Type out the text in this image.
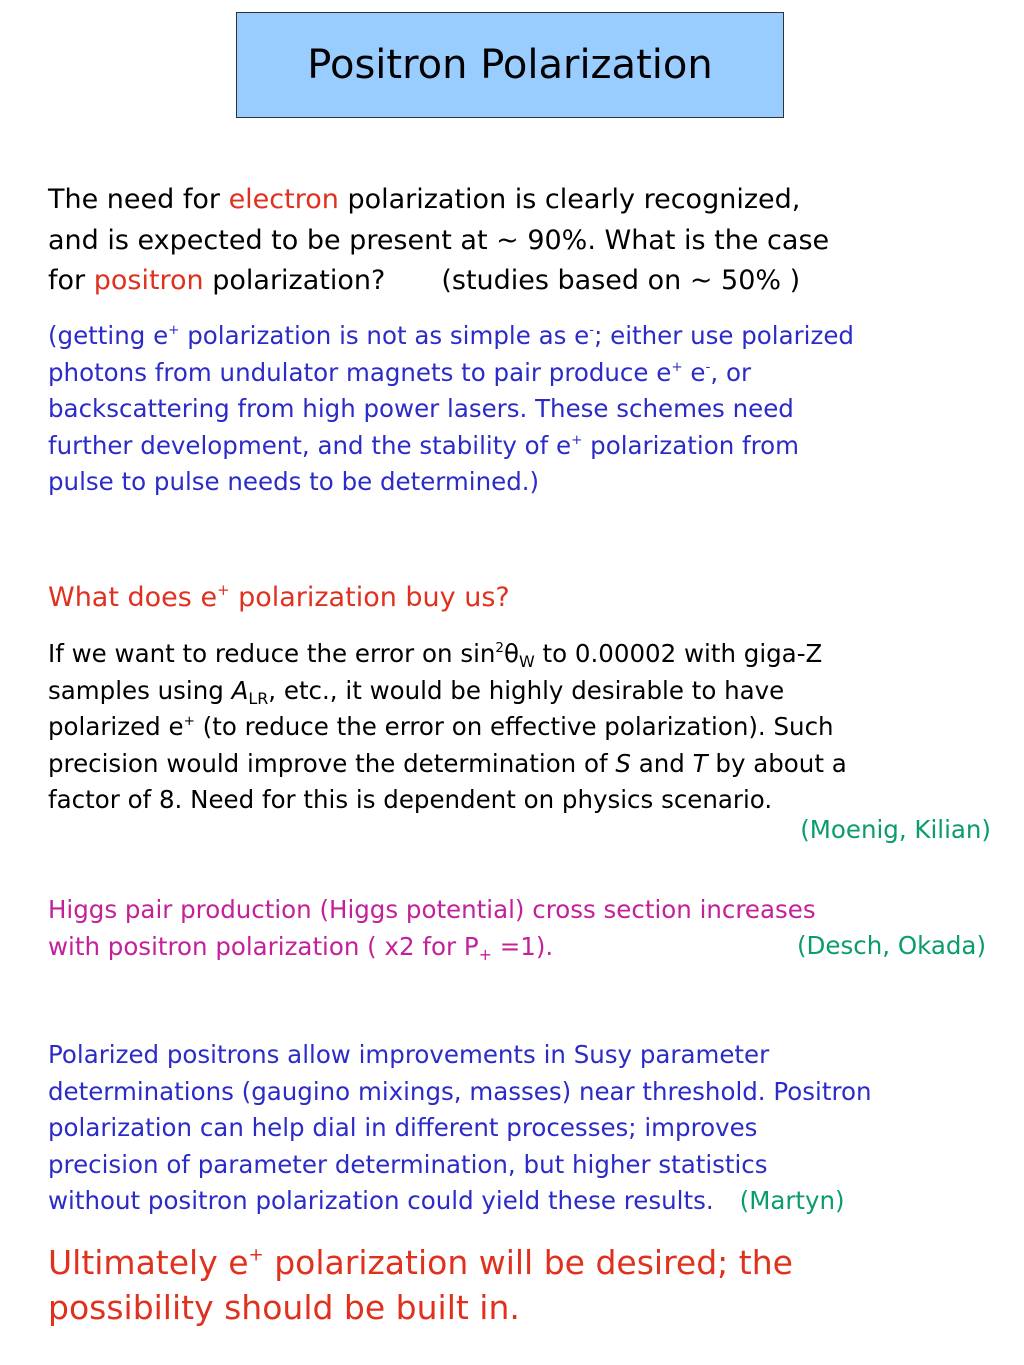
Positron Polarization

The need for electron polarization is clearly recognized,
and is expected to be present at ~ 90%. What is the case
for positron polarization? (studies based on ~ 50% )

(getting e+ polarization is not as simple as e-; either use polarized
photons from undulator magnets to pair produce e+ e-, or
backscattering from high power lasers. These schemes need
further development, and the stability of e+ polarization from
pulse to pulse needs to be determined.)

What does e+ polarization buy us?

If we want to reduce the error on $\sin^2\theta_W$ to 0.00002 with giga-Z
samples using $A_{LR}$, etc., it would be highly desirable to have
polarized e+ (to reduce the error on effective polarization). Such
precision would improve the determination of S and T by about a
factor of 8. Need for this is dependent on physics scenario.

(Moenig, Kilian)

Higgs pair production (Higgs potential) cross section increases
with positron polarization ( x2 for $P_+ =1$).	(Desch, Okada)

Polarized positrons allow improvements in Susy parameter
determinations (gaugino mixings, masses) near threshold. Positron
polarization can help dial in different processes; improves
precision of parameter determination, but higher statistics
without positron polarization could yield these results. (Martyn)

Ultimately e+ polarization will be desired; the
possibility should be built in.
